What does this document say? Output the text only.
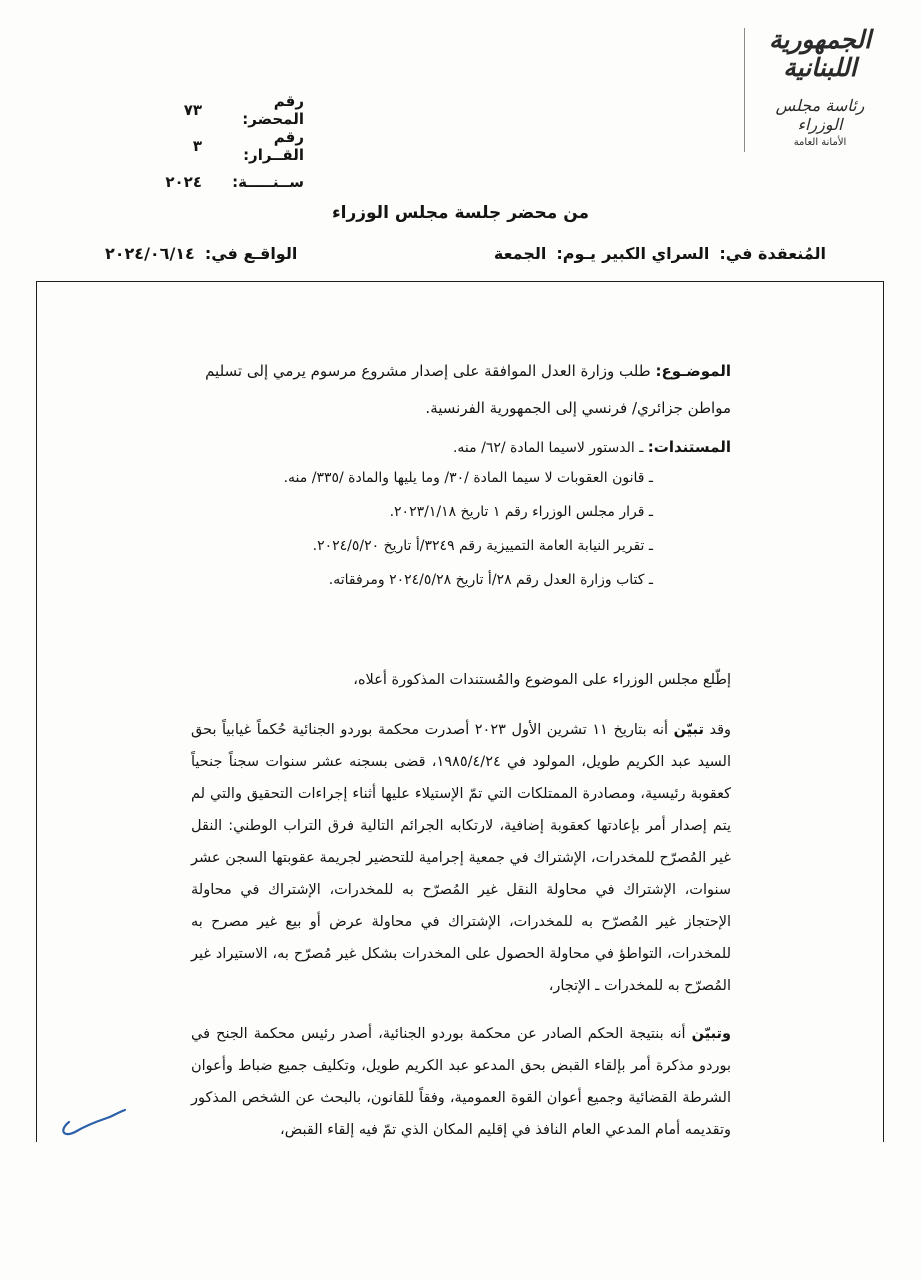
الجمهورية
اللبنانية
رئاسة مجلس الوزراء
الأمانة العامة
رقم المحضر:
٧٣
رقم القــرار:
٣
ســنـــــة:
٢٠٢٤
من محضر جلسة مجلس الوزراء
المُنعقدة في:السراي الكبير
يـوم:الجمعة
الواقـع في:٢٠٢٤/٠٦/١٤
الموضـوع: طلب وزارة العدل الموافقة على إصدار مشروع مرسوم يرمي إلى تسليم مواطن جزائري/ فرنسي إلى الجمهورية الفرنسية.
المستندات: ـ الدستور لاسيما المادة /٦٢/ منه.
ـ قانون العقوبات لا سيما المادة /٣٠/ وما يليها والمادة /٣٣٥/ منه.
ـ قرار مجلس الوزراء رقم ١ تاريخ ٢٠٢٣/١/١٨.
ـ تقرير النيابة العامة التمييزية رقم ٣٢٤٩/أ تاريخ ٢٠٢٤/٥/٢٠.
ـ كتاب وزارة العدل رقم ٢٨/أ تاريخ ٢٠٢٤/٥/٢٨ ومرفقاته.
إطّلع مجلس الوزراء على الموضوع والمُستندات المذكورة أعلاه،
وقد تبيّن أنه بتاريخ ١١ تشرين الأول ٢٠٢٣ أصدرت محكمة بوردو الجنائية حُكماً غيابياً بحق السيد عبد الكريم طويل، المولود في ١٩٨٥/٤/٢٤، قضى بسجنه عشر سنوات سجناً جنحياً كعقوبة رئيسية، ومصادرة الممتلكات التي تمّ الإستيلاء عليها أثناء إجراءات التحقيق والتي لم يتم إصدار أمر بإعادتها كعقوبة إضافية، لارتكابه الجرائم التالية فرق التراب الوطني: النقل غير المُصرّح للمخدرات، الإشتراك في جمعية إجرامية للتحضير لجريمة عقوبتها السجن عشر سنوات، الإشتراك في محاولة النقل غير المُصرّح به للمخدرات، الإشتراك في محاولة الإحتجاز غير المُصرّح به للمخدرات، الإشتراك في محاولة عرض أو بيع غير مصرح به للمخدرات، التواطؤ في محاولة الحصول على المخدرات بشكل غير مُصرّح به، الاستيراد غير المُصرّح به للمخدرات ـ الإتجار،
وتبيّن أنه بنتيجة الحكم الصادر عن محكمة بوردو الجنائية، أصدر رئيس محكمة الجنح في بوردو مذكرة أمر بإلقاء القبض بحق المدعو عبد الكريم طويل، وتكليف جميع ضباط وأعوان الشرطة القضائية وجميع أعوان القوة العمومية، وفقاً للقانون، بالبحث عن الشخص المذكور وتقديمه أمام المدعي العام النافذ في إقليم المكان الذي تمّ فيه إلقاء القبض،
